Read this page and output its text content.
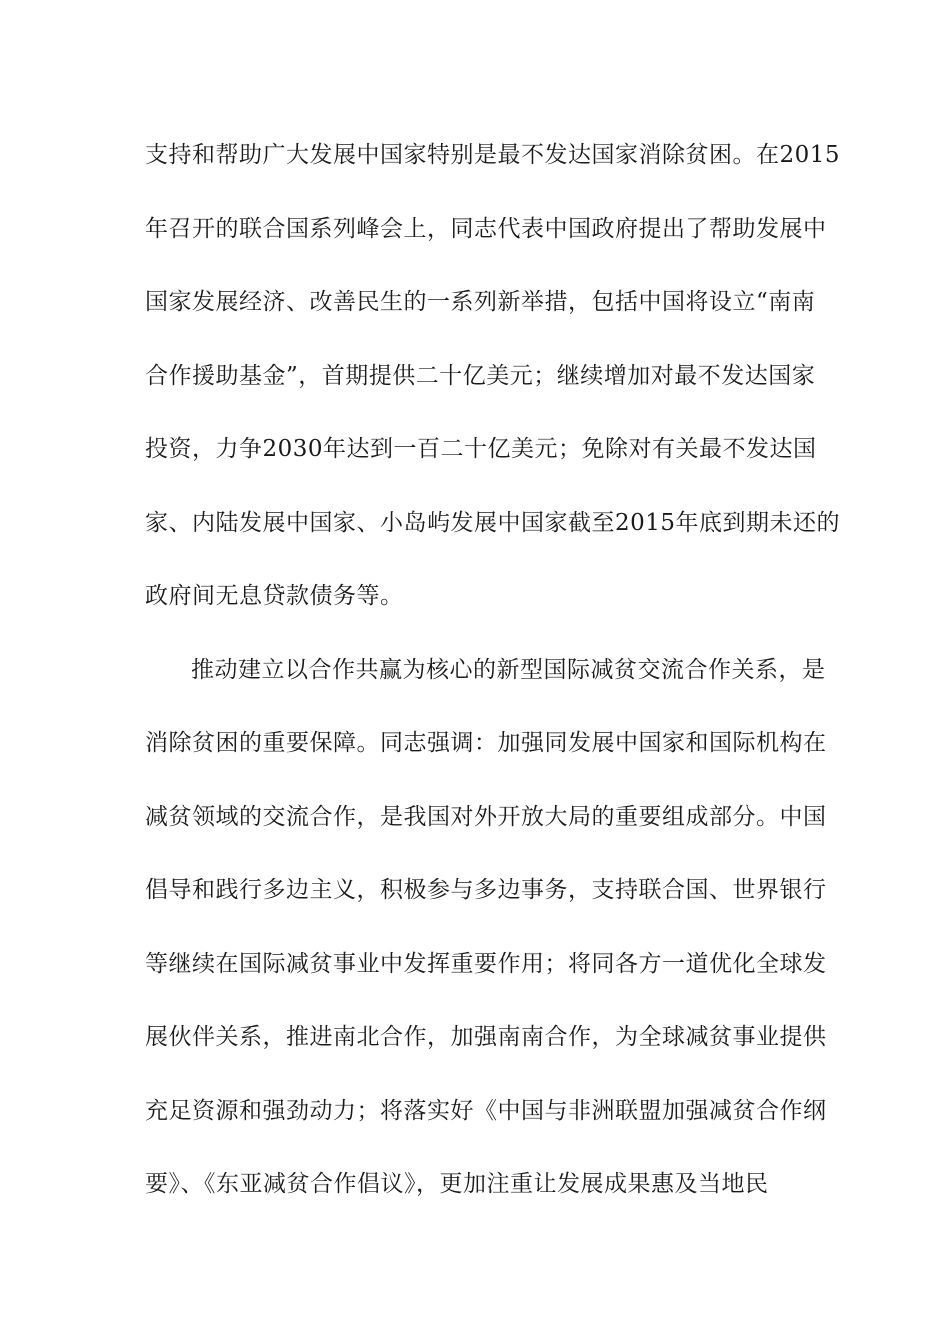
支持和帮助广大发展中国家特别是最不发达国家消除贫困。在2015
年召开的联合国系列峰会上，同志代表中国政府提出了帮助发展中
国家发展经济、改善民生的一系列新举措，包括中国将设立“南南
合作援助基金”，首期提供二十亿美元；继续增加对最不发达国家
投资，力争2030年达到一百二十亿美元；免除对有关最不发达国
家、内陆发展中国家、小岛屿发展中国家截至2015年底到期未还的
政府间无息贷款债务等。
推动建立以合作共赢为核心的新型国际减贫交流合作关系，是
消除贫困的重要保障。同志强调：加强同发展中国家和国际机构在
减贫领域的交流合作，是我国对外开放大局的重要组成部分。中国
倡导和践行多边主义，积极参与多边事务，支持联合国、世界银行
等继续在国际减贫事业中发挥重要作用；将同各方一道优化全球发
展伙伴关系，推进南北合作，加强南南合作，为全球减贫事业提供
充足资源和强劲动力；将落实好《中国与非洲联盟加强减贫合作纲
要》、《东亚减贫合作倡议》，更加注重让发展成果惠及当地民
